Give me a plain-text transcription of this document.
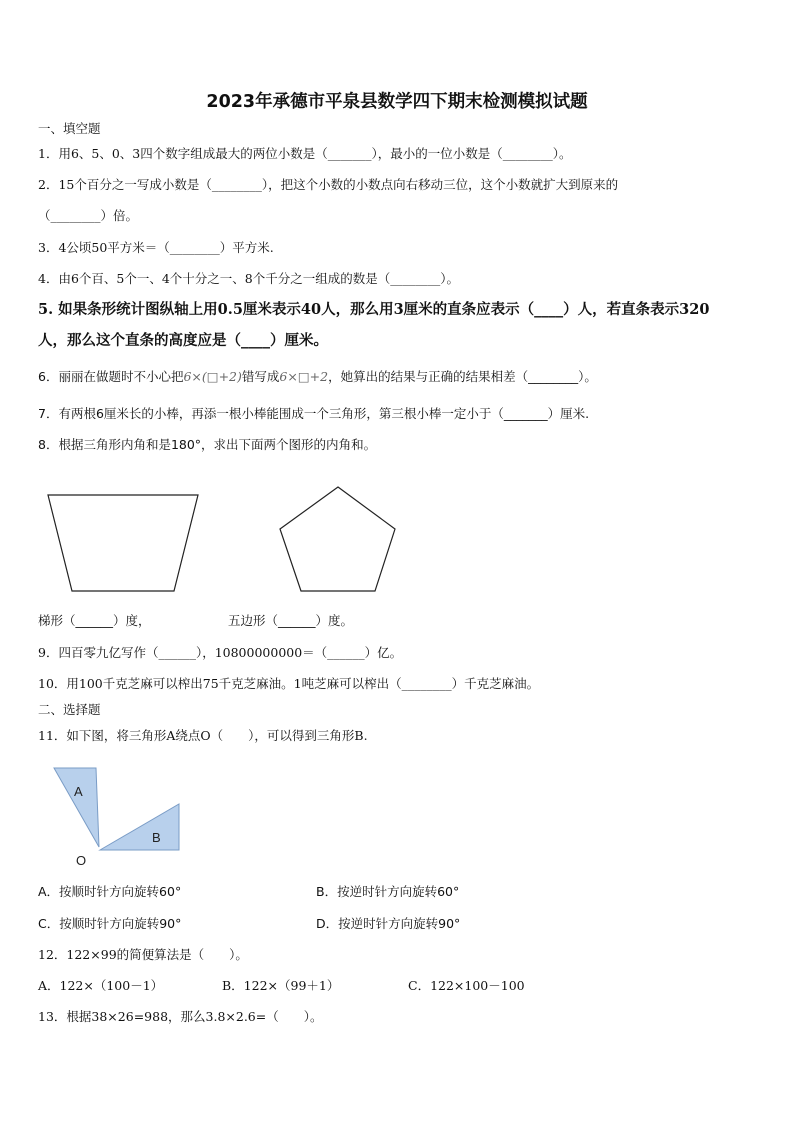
2023年承德市平泉县数学四下期末检测模拟试题
一、填空题
1．用6、5、0、3四个数字组成最大的两位小数是（_______），最小的一位小数是（________）。
2．15个百分之一写成小数是（________），把这个小数的小数点向右移动三位，这个小数就扩大到原来的
（________）倍。
3．4公顷50平方米＝（________）平方米.
4．由6个百、5个一、4个十分之一、8个千分之一组成的数是（________）。
5. 如果条形统计图纵轴上用0.5厘米表示40人，那么用3厘米的直条应表示（____）人，若直条表示320
人，那么这个直条的高度应是（____）厘米。
6．丽丽在做题时不小心把6×(□+2)错写成6×□+2，她算出的结果与正确的结果相差（________）。
7．有两根6厘米长的小棒，再添一根小棒能围成一个三角形，第三根小棒一定小于（_______）厘米.
8．根据三角形内角和是180°，求出下面两个图形的内角和。
梯形（______）度，	五边形（______）度。
9．四百零九亿写作（______），10800000000＝（______）亿。
10．用100千克芝麻可以榨出75千克芝麻油。1吨芝麻可以榨出（________）千克芝麻油。
二、选择题
11．如下图，将三角形A绕点O（　　），可以得到三角形B.
A
B
O
A．按顺时针方向旋转60°	B．按逆时针方向旋转60°
C．按顺时针方向旋转90°	D．按逆时针方向旋转90°
12．122×99的简便算法是（　　）。
A．122×（100－1）	B．122×（99＋1）	C．122×100－100
13．根据38×26=988，那么3.8×2.6=（　　）。
